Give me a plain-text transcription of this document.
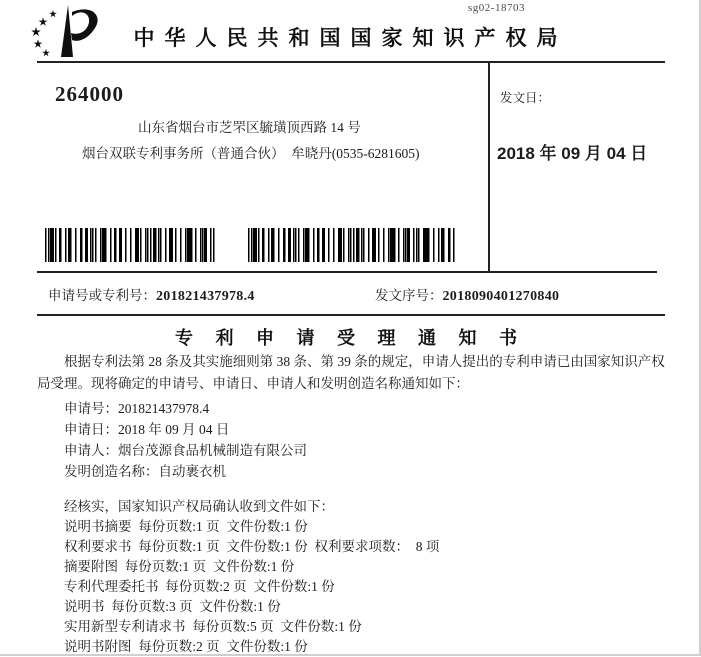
sg02-18703
中华人民共和国国家知识产权局
264000
山东省烟台市芝罘区毓璜顶西路 14 号
烟台双联专利事务所（普通合伙）  牟晓丹(0535-6281605)
发文日：
2018 年 09 月 04 日
申请号或专利号：201821437978.4	发文序号：2018090401270840
专 利 申 请 受 理 通 知 书
根据专利法第 28 条及其实施细则第 38 条、第 39 条的规定，申请人提出的专利申请已由国家知识产权局受理。现将确定的申请号、申请日、申请人和发明创造名称通知如下：
申请号：201821437978.4
申请日：2018 年 09 月 04 日
申请人：烟台茂源食品机械制造有限公司
发明创造名称：自动裹衣机
经核实，国家知识产权局确认收到文件如下：
说明书摘要  每份页数:1 页  文件份数:1 份
权利要求书  每份页数:1 页  文件份数:1 份  权利要求项数：  8 项
摘要附图  每份页数:1 页  文件份数:1 份
专利代理委托书  每份页数:2 页  文件份数:1 份
说明书  每份页数:3 页  文件份数:1 份
实用新型专利请求书  每份页数:5 页  文件份数:1 份
说明书附图  每份页数:2 页  文件份数:1 份
